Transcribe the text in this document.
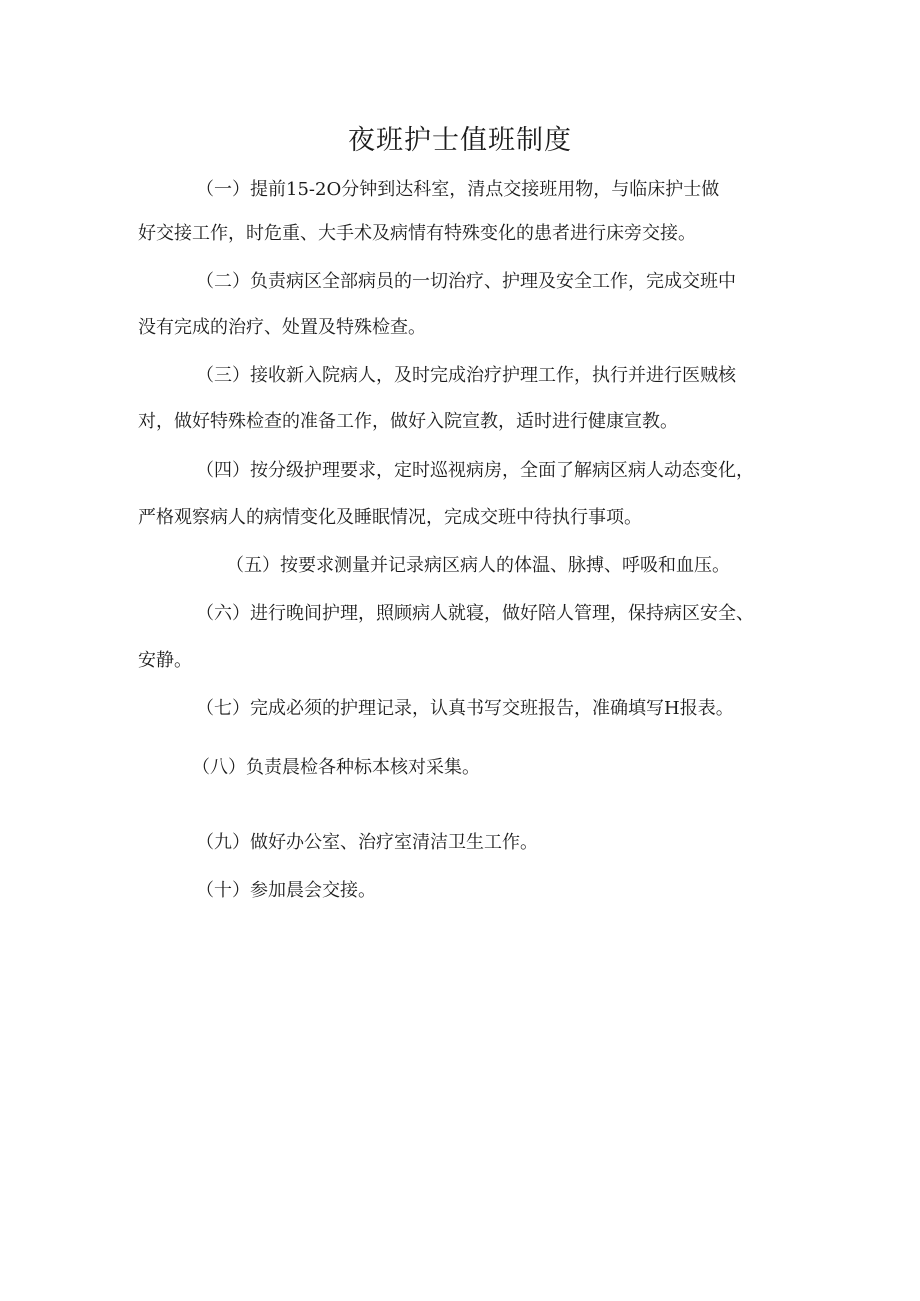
夜班护士值班制度
（一）提前15-2O分钟到达科室，清点交接班用物，与临床护士做
好交接工作，时危重、大手术及病情有特殊变化的患者进行床旁交接。
（二）负责病区全部病员的一切治疗、护理及安全工作，完成交班中
没有完成的治疗、处置及特殊检查。
（三）接收新入院病人，及时完成治疗护理工作，执行并进行医贼核
对，做好特殊检查的准备工作，做好入院宣教，适时进行健康宣教。
（四）按分级护理要求，定时巡视病房，全面了解病区病人动态变化，
严格观察病人的病情变化及睡眠情况，完成交班中待执行事项。
（五）按要求测量并记录病区病人的体温、脉搏、呼吸和血压。
（六）进行晚间护理，照顾病人就寝，做好陪人管理，保持病区安全、
安静。
（七）完成必须的护理记录，认真书写交班报告，准确填写H报表。
（八）负责晨检各种标本核对采集。
（九）做好办公室、治疗室清洁卫生工作。
（十）参加晨会交接。
